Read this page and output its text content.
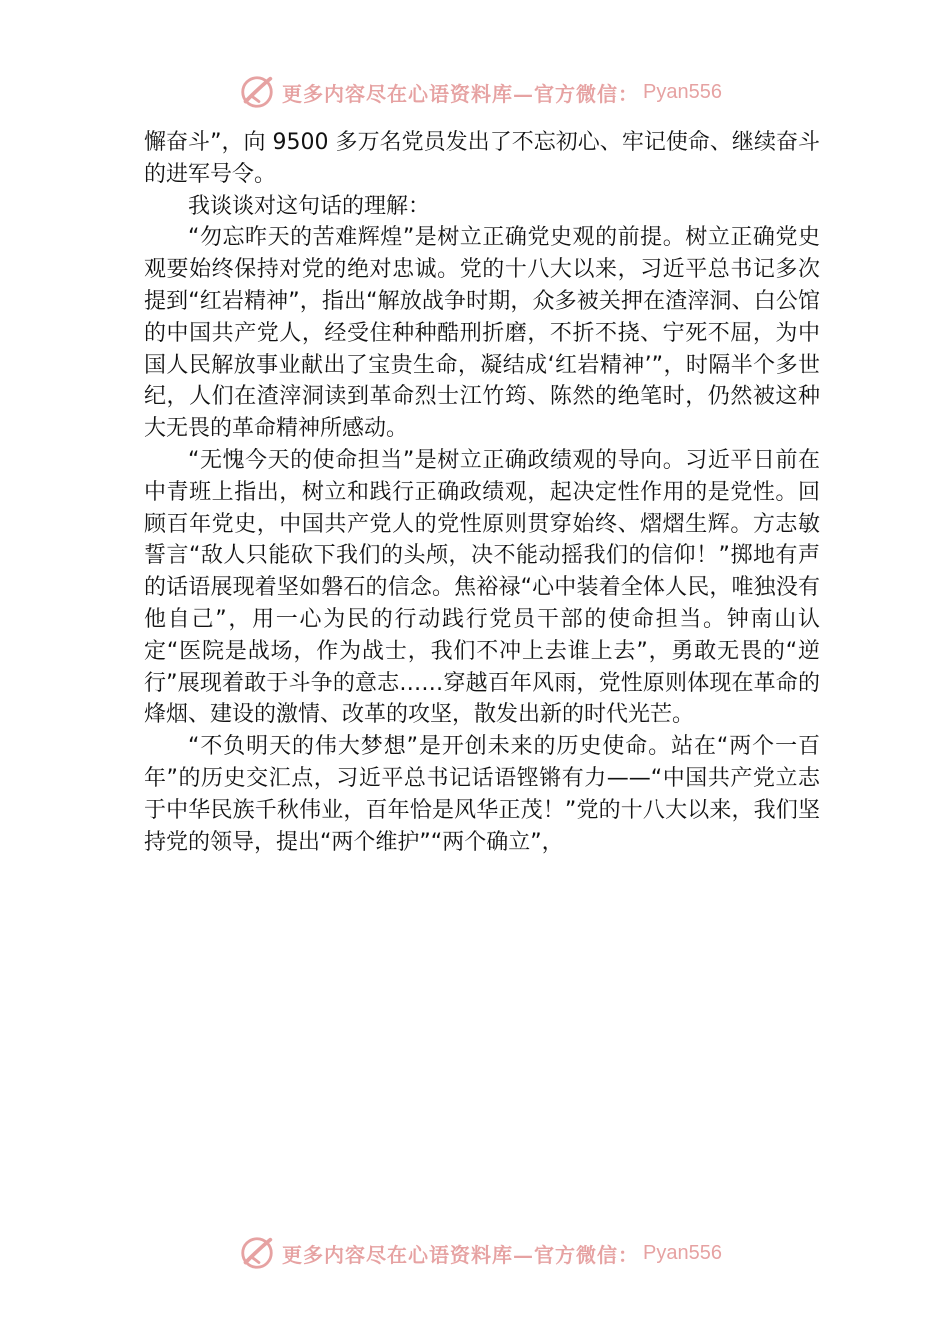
更多内容尽在心语资料库—官方微信： Pyan556

懈奋斗”，向 9500 多万名党员发出了不忘初心、牢记使命、继续奋斗的进军号令。

我谈谈对这句话的理解：

“勿忘昨天的苦难辉煌”是树立正确党史观的前提。树立正确党史观要始终保持对党的绝对忠诚。党的十八大以来，习近平总书记多次提到“红岩精神”，指出“解放战争时期，众多被关押在渣滓洞、白公馆的中国共产党人，经受住种种酷刑折磨，不折不挠、宁死不屈，为中国人民解放事业献出了宝贵生命，凝结成‘红岩精神’”，时隔半个多世纪，人们在渣滓洞读到革命烈士江竹筠、陈然的绝笔时，仍然被这种大无畏的革命精神所感动。

“无愧今天的使命担当”是树立正确政绩观的导向。习近平日前在中青班上指出，树立和践行正确政绩观，起决定性作用的是党性。回顾百年党史，中国共产党人的党性原则贯穿始终、熠熠生辉。方志敏誓言“敌人只能砍下我们的头颅，决不能动摇我们的信仰！”掷地有声的话语展现着坚如磐石的信念。焦裕禄“心中装着全体人民，唯独没有他自己”，用一心为民的行动践行党员干部的使命担当。钟南山认定“医院是战场，作为战士，我们不冲上去谁上去”，勇敢无畏的“逆行”展现着敢于斗争的意志……穿越百年风雨，党性原则体现在革命的烽烟、建设的激情、改革的攻坚，散发出新的时代光芒。

“不负明天的伟大梦想”是开创未来的历史使命。站在“两个一百年”的历史交汇点，习近平总书记话语铿锵有力——“中国共产党立志于中华民族千秋伟业，百年恰是风华正茂！”党的十八大以来，我们坚持党的领导，提出“两个维护”“两个确立”，

更多内容尽在心语资料库—官方微信： Pyan556
